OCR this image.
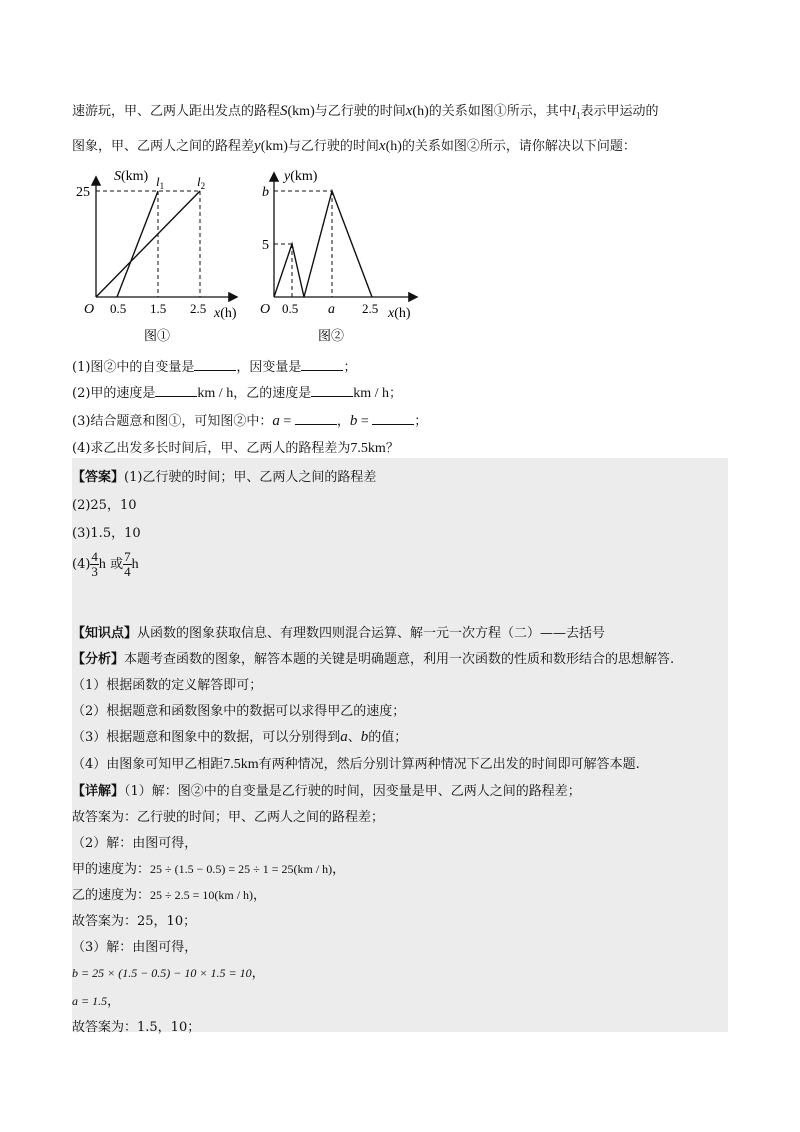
速游玩，甲、乙两人距出发点的路程S(km)与乙行驶的时间x(h)的关系如图①所示，其中$l_1$表示甲运动的
图象，甲、乙两人之间的路程差y(km)与乙行驶的时间x(h)的关系如图②所示，请你解决以下问题：
S(km)
25
$l_1$	$l_2$
O 0.5 1.5 2.5 x(h)
图①
y(km)
b
5
O 0.5 a 2.5 x(h)
图②
(1)图②中的自变量是	，因变量是	；
(2)甲的速度是	km / h，乙的速度是	km / h；
(3)结合题意和图①，可知图②中：a =	，b =	；
(4)求乙出发多长时间后，甲、乙两人的路程差为7.5km？
【答案】(1)乙行驶的时间；甲、乙两人之间的路程差
(2)25，10
(3)1.5，10
$(4) \frac{4}{3}$ h 或 $\frac{7}{4}$ h
【知识点】从函数的图象获取信息、有理数四则混合运算、解一元一次方程（二）——去括号
【分析】本题考查函数的图象，解答本题的关键是明确题意，利用一次函数的性质和数形结合的思想解答.
（1）根据函数的定义解答即可；
（2）根据题意和函数图象中的数据可以求得甲乙的速度；
（3）根据题意和图象中的数据，可以分别得到a、b的值；
（4）由图象可知甲乙相距7.5km有两种情况，然后分别计算两种情况下乙出发的时间即可解答本题.
【详解】（1）解：图②中的自变量是乙行驶的时间，因变量是甲、乙两人之间的路程差；
故答案为：乙行驶的时间；甲、乙两人之间的路程差；
（2）解：由图可得，
甲的速度为：25 ÷ (1.5 − 0.5) = 25 ÷ 1 = 25(km / h)，
乙的速度为：25 ÷ 2.5 = 10(km / h)，
故答案为：25，10；
（3）解：由图可得，
b = 25 × (1.5 − 0.5) − 10 × 1.5 = 10，
a = 1.5，
故答案为：1.5，10；
